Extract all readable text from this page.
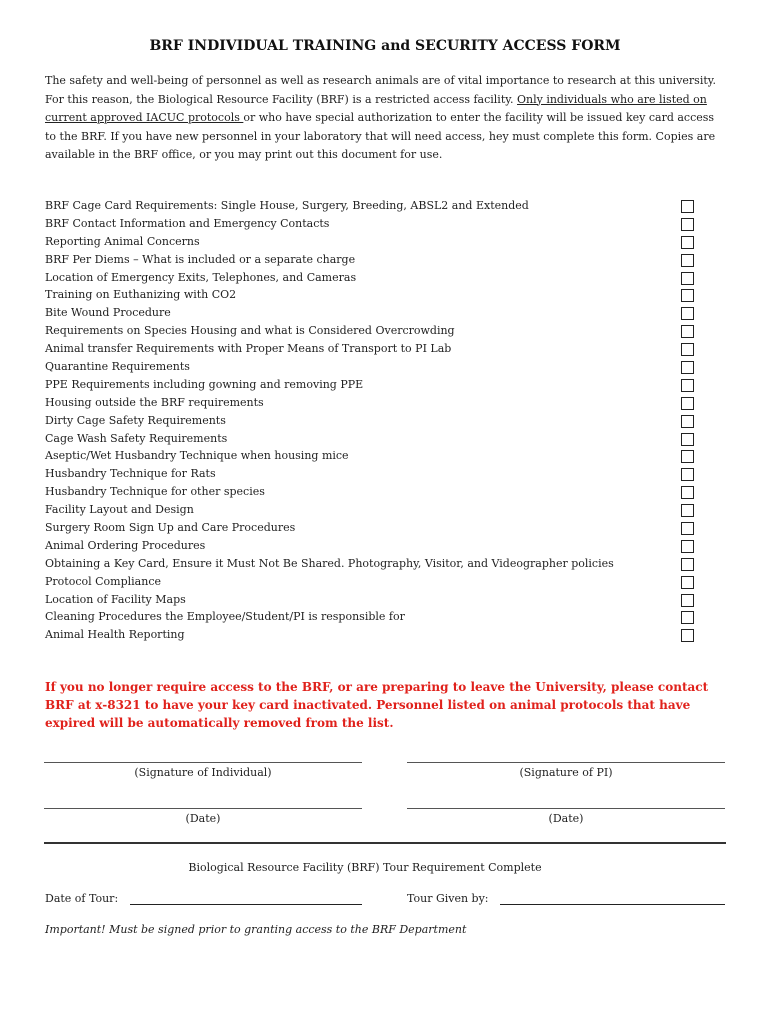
BRF INDIVIDUAL TRAINING and SECURITY ACCESS FORM
The safety and well-being of personnel as well as research animals are of vital importance to research at this university. For this reason, the Biological Resource Facility (BRF) is a restricted access facility. Only individuals who are listed on current approved IACUC protocols or who have special authorization to enter the facility will be issued key card access to the BRF. If you have new personnel in your laboratory that will need access, hey must complete this form. Copies are available in the BRF office, or you may print out this document for use.
BRF Cage Card Requirements: Single House, Surgery, Breeding, ABSL2 and Extended
BRF Contact Information and Emergency Contacts
Reporting Animal Concerns
BRF Per Diems – What is included or a separate charge
Location of Emergency Exits, Telephones, and Cameras
Training on Euthanizing with CO2
Bite Wound Procedure
Requirements on Species Housing and what is Considered Overcrowding
Animal transfer Requirements with Proper Means of Transport to PI Lab
Quarantine Requirements
PPE Requirements including gowning and removing PPE
Housing outside the BRF requirements
Dirty Cage Safety Requirements
Cage Wash Safety Requirements
Aseptic/Wet Husbandry Technique when housing mice
Husbandry Technique for Rats
Husbandry Technique for other species
Facility Layout and Design
Surgery Room Sign Up and Care Procedures
Animal Ordering Procedures
Obtaining a Key Card, Ensure it Must Not Be Shared. Photography, Visitor, and Videographer policies
Protocol Compliance
Location of Facility Maps
Cleaning Procedures the Employee/Student/PI is responsible for
Animal Health Reporting
If you no longer require access to the BRF, or are preparing to leave the University, please contact BRF at x-8321 to have your key card inactivated. Personnel listed on animal protocols that have expired will be automatically removed from the list.
(Signature of Individual)	(Signature of PI)
(Date)	(Date)
Biological Resource Facility (BRF) Tour Requirement Complete
Date of Tour:	Tour Given by:
Important! Must be signed prior to granting access to the BRF Department
